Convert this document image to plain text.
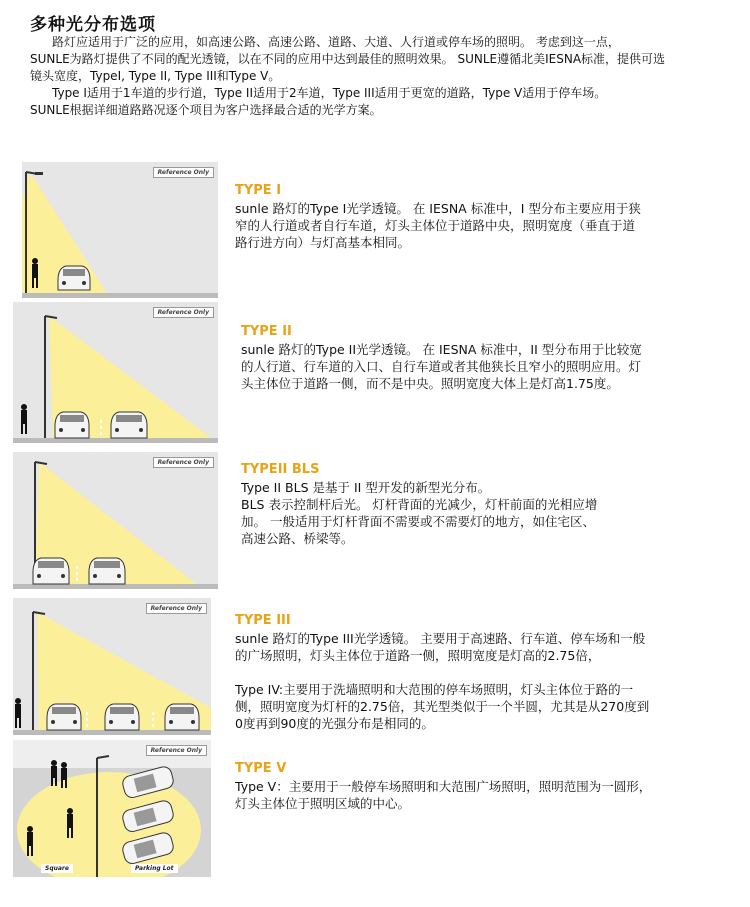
多种光分布选项

路灯应适用于广泛的应用，如高速公路、高速公路、道路、大道、人行道或停车场的照明。 考虑到这一点，

SUNLE为路灯提供了不同的配光透镜，以在不同的应用中达到最佳的照明效果。 SUNLE遵循北美IESNA标准，提供可选

镜头宽度，TypeI, Type II, Type III和Type V。

Type I适用于1车道的步行道，Type II适用于2车道，Type III适用于更宽的道路，Type V适用于停车场。

SUNLE根据详细道路路况逐个项目为客户选择最合适的光学方案。

Reference Only
TYPE I

sunle 路灯的Type I光学透镜。 在 IESNA 标准中，I 型分布主要应用于狭

窄的人行道或者自行车道，灯头主体位于道路中央，照明宽度（垂直于道

路行进方向）与灯高基本相同。

Reference Only
TYPE II

sunle 路灯的Type II光学透镜。 在 IESNA 标准中，II 型分布用于比较宽

的人行道、行车道的入口、自行车道或者其他狭长且窄小的照明应用。灯

头主体位于道路一侧，而不是中央。照明宽度大体上是灯高1.75度。

Reference Only	TYPEII BLS

Type II BLS 是基于 II 型开发的新型光分布。

BLS 表示控制杆后光。 灯杆背面的光减少，灯杆前面的光相应增

加。 一般适用于灯杆背面不需要或不需要灯的地方，如住宅区、

高速公路、桥梁等。

Reference Only
TYPE III

sunle 路灯的Type III光学透镜。 主要用于高速路、行车道、停车场和一般

的广场照明，灯头主体位于道路一侧，照明宽度是灯高的2.75倍，

Type IV:主要用于洗墙照明和大范围的停车场照明，灯头主体位于路的一

侧，照明宽度为灯杆的2.75倍，其光型类似于一个半圆，尤其是从270度到

0度再到90度的光强分布是相同的。

Reference Only
Square	Parking Lot
TYPE V

Type V：主要用于一般停车场照明和大范围广场照明，照明范围为一圆形，

灯头主体位于照明区域的中心。
